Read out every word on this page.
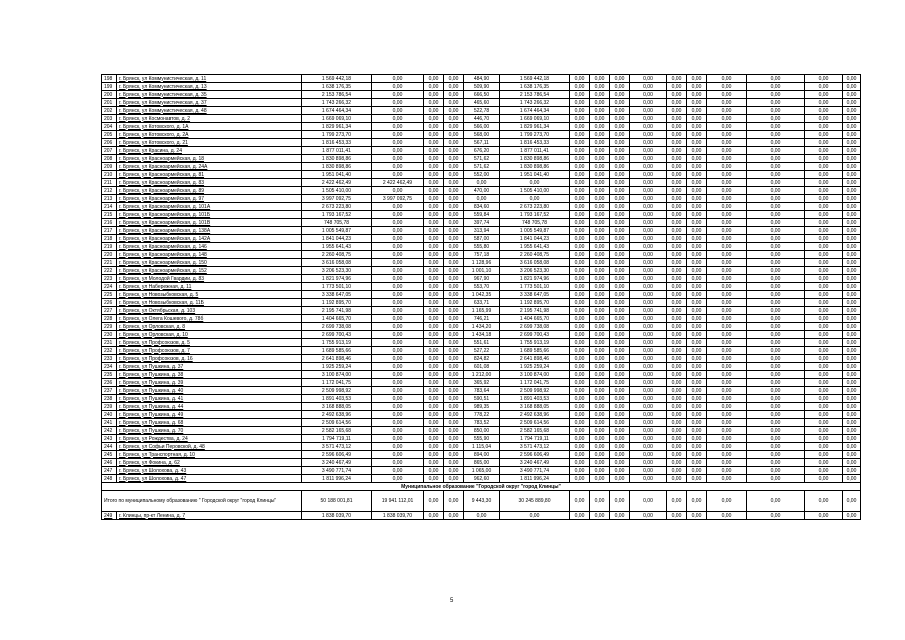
198	г. Брянск, ул Коммунистическая, д. 11	1 569 442,18	0,00	0,00	0,00	484,90	1 569 442,18	0,00	0,00	0,00	0,00	0,00	0,00	0,00	0,00	0,00	0,00
199	г. Брянск, ул Коммунистическая, д. 13	1 638 176,35	0,00	0,00	0,00	509,90	1 638 176,35	0,00	0,00	0,00	0,00	0,00	0,00	0,00	0,00	0,00	0,00
200	г. Брянск, ул Коммунистическая, д. 35	2 153 786,54	0,00	0,00	0,00	666,50	2 153 786,54	0,00	0,00	0,00	0,00	0,00	0,00	0,00	0,00	0,00	0,00
201	г. Брянск, ул Коммунистическая, д. 37	1 743 266,32	0,00	0,00	0,00	465,60	1 743 266,32	0,00	0,00	0,00	0,00	0,00	0,00	0,00	0,00	0,00	0,00
202	г. Брянск, ул Коммунистическая, д. 48	1 674 464,34	0,00	0,00	0,00	522,78	1 674 464,34	0,00	0,00	0,00	0,00	0,00	0,00	0,00	0,00	0,00	0,00
203	г. Брянск, ул Космонавтов, д. 2	1 669 069,10	0,00	0,00	0,00	446,70	1 669 069,10	0,00	0,00	0,00	0,00	0,00	0,00	0,00	0,00	0,00	0,00
204	г. Брянск, ул Котовского, д. 1А	1 829 961,34	0,00	0,00	0,00	566,00	1 829 961,34	0,00	0,00	0,00	0,00	0,00	0,00	0,00	0,00	0,00	0,00
205	г. Брянск, ул Котовского, д. 2А	1 799 273,70	0,00	0,00	0,00	568,00	1 799 273,70	0,00	0,00	0,00	0,00	0,00	0,00	0,00	0,00	0,00	0,00
206	г. Брянск, ул Котовского, д. 21	1 816 453,33	0,00	0,00	0,00	567,11	1 816 453,33	0,00	0,00	0,00	0,00	0,00	0,00	0,00	0,00	0,00	0,00
207	г. Брянск, ул Красина, д. 24	1 877 011,41	0,00	0,00	0,00	676,20	1 877 011,41	0,00	0,00	0,00	0,00	0,00	0,00	0,00	0,00	0,00	0,00
208	г. Брянск, ул Красноармейская, д. 18	1 830 898,86	0,00	0,00	0,00	571,62	1 830 898,86	0,00	0,00	0,00	0,00	0,00	0,00	0,00	0,00	0,00	0,00
209	г. Брянск, ул Красноармейская, д. 24А	1 830 898,86	0,00	0,00	0,00	571,62	1 830 898,86	0,00	0,00	0,00	0,00	0,00	0,00	0,00	0,00	0,00	0,00
210	г. Брянск, ул Красноармейская, д. 81	1 951 041,40	0,00	0,00	0,00	552,00	1 951 041,40	0,00	0,00	0,00	0,00	0,00	0,00	0,00	0,00	0,00	0,00
211	г. Брянск, ул Красноармейская, д. 83	2 422 462,49	2 422 462,49	0,00	0,00	0,00	0,00	0,00	0,00	0,00	0,00	0,00	0,00	0,00	0,00	0,00	0,00
212	г. Брянск, ул Красноармейская, д. 89	1 505 410,00	0,00	0,00	0,00	470,00	1 505 410,00	0,00	0,00	0,00	0,00	0,00	0,00	0,00	0,00	0,00	0,00
213	г. Брянск, ул Красноармейская, д. 97	3 997 092,75	3 997 092,75	0,00	0,00	0,00	0,00	0,00	0,00	0,00	0,00	0,00	0,00	0,00	0,00	0,00	0,00
214	г. Брянск, ул Красноармейская, д. 101А	2 673 223,80	0,00	0,00	0,00	834,60	2 673 223,80	0,00	0,00	0,00	0,00	0,00	0,00	0,00	0,00	0,00	0,00
215	г. Брянск, ул Красноармейская, д. 101Б	1 793 167,52	0,00	0,00	0,00	559,84	1 793 167,52	0,00	0,00	0,00	0,00	0,00	0,00	0,00	0,00	0,00	0,00
216	г. Брянск, ул Красноармейская, д. 101В	748 705,78	0,00	0,00	0,00	397,74	748 705,78	0,00	0,00	0,00	0,00	0,00	0,00	0,00	0,00	0,00	0,00
217	г. Брянск, ул Красноармейская, д. 138А	1 005 549,87	0,00	0,00	0,00	313,94	1 005 549,87	0,00	0,00	0,00	0,00	0,00	0,00	0,00	0,00	0,00	0,00
218	г. Брянск, ул Красноармейская, д. 142А	1 841 044,23	0,00	0,00	0,00	587,00	1 841 044,23	0,00	0,00	0,00	0,00	0,00	0,00	0,00	0,00	0,00	0,00
219	г. Брянск, ул Красноармейская, д. 146	1 955 641,43	0,00	0,00	0,00	555,80	1 955 641,43	0,00	0,00	0,00	0,00	0,00	0,00	0,00	0,00	0,00	0,00
220	г. Брянск, ул Красноармейская, д. 148	2 260 408,75	0,00	0,00	0,00	757,18	2 260 408,75	0,00	0,00	0,00	0,00	0,00	0,00	0,00	0,00	0,00	0,00
221	г. Брянск, ул Красноармейская, д. 150	3 616 058,08	0,00	0,00	0,00	1 128,96	3 616 058,08	0,00	0,00	0,00	0,00	0,00	0,00	0,00	0,00	0,00	0,00
222	г. Брянск, ул Красноармейская, д. 152	3 206 523,30	0,00	0,00	0,00	1 001,10	3 206 523,30	0,00	0,00	0,00	0,00	0,00	0,00	0,00	0,00	0,00	0,00
223	г. Брянск, ул Молодой Гвардии, д. 83	1 821 974,96	0,00	0,00	0,00	967,90	1 821 974,96	0,00	0,00	0,00	0,00	0,00	0,00	0,00	0,00	0,00	0,00
224	г. Брянск, ул Набережная, д. 11	1 773 501,10	0,00	0,00	0,00	553,70	1 773 501,10	0,00	0,00	0,00	0,00	0,00	0,00	0,00	0,00	0,00	0,00
225	г. Брянск, ул Новозыбковская, д. 5	3 338 647,05	0,00	0,00	0,00	1 042,35	3 338 647,05	0,00	0,00	0,00	0,00	0,00	0,00	0,00	0,00	0,00	0,00
226	г. Брянск, ул Новозыбковская, д. 11Б	1 192 895,70	0,00	0,00	0,00	633,71	1 192 895,70	0,00	0,00	0,00	0,00	0,00	0,00	0,00	0,00	0,00	0,00
227	г. Брянск, ул Октябрьская, д. 103	2 195 741,98	0,00	0,00	0,00	1 165,99	2 195 741,98	0,00	0,00	0,00	0,00	0,00	0,00	0,00	0,00	0,00	0,00
228	г. Брянск, ул Олега Кошевого, д. 78б	1 404 665,70	0,00	0,00	0,00	746,21	1 404 665,70	0,00	0,00	0,00	0,00	0,00	0,00	0,00	0,00	0,00	0,00
229	г. Брянск, ул Орловская, д. 8	2 699 738,08	0,00	0,00	0,00	1 434,20	2 699 738,08	0,00	0,00	0,00	0,00	0,00	0,00	0,00	0,00	0,00	0,00
230	г. Брянск, ул Орловская, д. 10	2 699 700,43	0,00	0,00	0,00	1 434,18	2 699 700,43	0,00	0,00	0,00	0,00	0,00	0,00	0,00	0,00	0,00	0,00
231	г. Брянск, ул Профсоюзов, д. 5	1 755 913,19	0,00	0,00	0,00	551,61	1 755 913,19	0,00	0,00	0,00	0,00	0,00	0,00	0,00	0,00	0,00	0,00
232	г. Брянск, ул Профсоюзов, д. 7	1 689 585,66	0,00	0,00	0,00	527,22	1 689 585,66	0,00	0,00	0,00	0,00	0,00	0,00	0,00	0,00	0,00	0,00
233	г. Брянск, ул Профсоюзов, д. 16	2 641 898,46	0,00	0,00	0,00	824,82	2 641 898,46	0,00	0,00	0,00	0,00	0,00	0,00	0,00	0,00	0,00	0,00
234	г. Брянск, ул Пушкина, д. 37	1 925 259,24	0,00	0,00	0,00	601,08	1 925 259,24	0,00	0,00	0,00	0,00	0,00	0,00	0,00	0,00	0,00	0,00
235	г. Брянск, ул Пушкина, д. 38	3 100 874,00	0,00	0,00	0,00	1 212,00	3 100 874,00	0,00	0,00	0,00	0,00	0,00	0,00	0,00	0,00	0,00	0,00
236	г. Брянск, ул Пушкина, д. 39	1 172 041,75	0,00	0,00	0,00	365,92	1 172 041,75	0,00	0,00	0,00	0,00	0,00	0,00	0,00	0,00	0,00	0,00
237	г. Брянск, ул Пушкина, д. 40	2 509 998,92	0,00	0,00	0,00	783,64	2 509 998,92	0,00	0,00	0,00	0,00	0,00	0,00	0,00	0,00	0,00	0,00
238	г. Брянск, ул Пушкина, д. 41	1 891 403,53	0,00	0,00	0,00	590,51	1 891 403,53	0,00	0,00	0,00	0,00	0,00	0,00	0,00	0,00	0,00	0,00
239	г. Брянск, ул Пушкина, д. 44	3 168 888,05	0,00	0,00	0,00	989,35	3 168 888,05	0,00	0,00	0,00	0,00	0,00	0,00	0,00	0,00	0,00	0,00
240	г. Брянск, ул Пушкина, д. 49	2 492 638,96	0,00	0,00	0,00	778,22	2 492 638,96	0,00	0,00	0,00	0,00	0,00	0,00	0,00	0,00	0,00	0,00
241	г. Брянск, ул Пушкина, д. 68	2 509 614,56	0,00	0,00	0,00	783,52	2 509 614,56	0,00	0,00	0,00	0,00	0,00	0,00	0,00	0,00	0,00	0,00
242	г. Брянск, ул Пушкина, д. 70	2 582 165,68	0,00	0,00	0,00	850,00	2 582 165,68	0,00	0,00	0,00	0,00	0,00	0,00	0,00	0,00	0,00	0,00
243	г. Брянск, ул Рождества, д. 24	1 794 719,11	0,00	0,00	0,00	555,90	1 794 719,11	0,00	0,00	0,00	0,00	0,00	0,00	0,00	0,00	0,00	0,00
244	г. Брянск, ул Софьи Перовской, д. 48	3 571 473,12	0,00	0,00	0,00	1 115,04	3 571 473,12	0,00	0,00	0,00	0,00	0,00	0,00	0,00	0,00	0,00	0,00
245	г. Брянск, ул Транспортная, д. 10	2 596 606,49	0,00	0,00	0,00	894,00	2 596 606,49	0,00	0,00	0,00	0,00	0,00	0,00	0,00	0,00	0,00	0,00
246	г. Брянск, ул Фокина, д. 62	3 240 467,49	0,00	0,00	0,00	865,00	3 240 467,49	0,00	0,00	0,00	0,00	0,00	0,00	0,00	0,00	0,00	0,00
247	г. Брянск, ул Шолохова, д. 43	3 490 771,74	0,00	0,00	0,00	1 065,00	3 490 771,74	0,00	0,00	0,00	0,00	0,00	0,00	0,00	0,00	0,00	0,00
248	г. Брянск, ул Шолохова, д. 47	1 811 996,24	0,00	0,00	0,00	962,60	1 811 996,24	0,00	0,00	0,00	0,00	0,00	0,00	0,00	0,00	0,00	0,00
Муниципальное образование "Городской округ "город Клинцы"																	
Итого по муниципальному образованию " Городской округ "город Клинцы"		50 188 001,81	19 941 112,01	0,00	0,00	9 443,30	30 245 889,80	0,00	0,00	0,00	0,00	0,00	0,00	0,00	0,00	0,00	0,00
249	г. Клинцы, пр-кт Ленина, д. 7	1 838 039,70	1 838 039,70	0,00	0,00	0,00	0,00	0,00	0,00	0,00	0,00	0,00	0,00	0,00	0,00	0,00	0,00
5
